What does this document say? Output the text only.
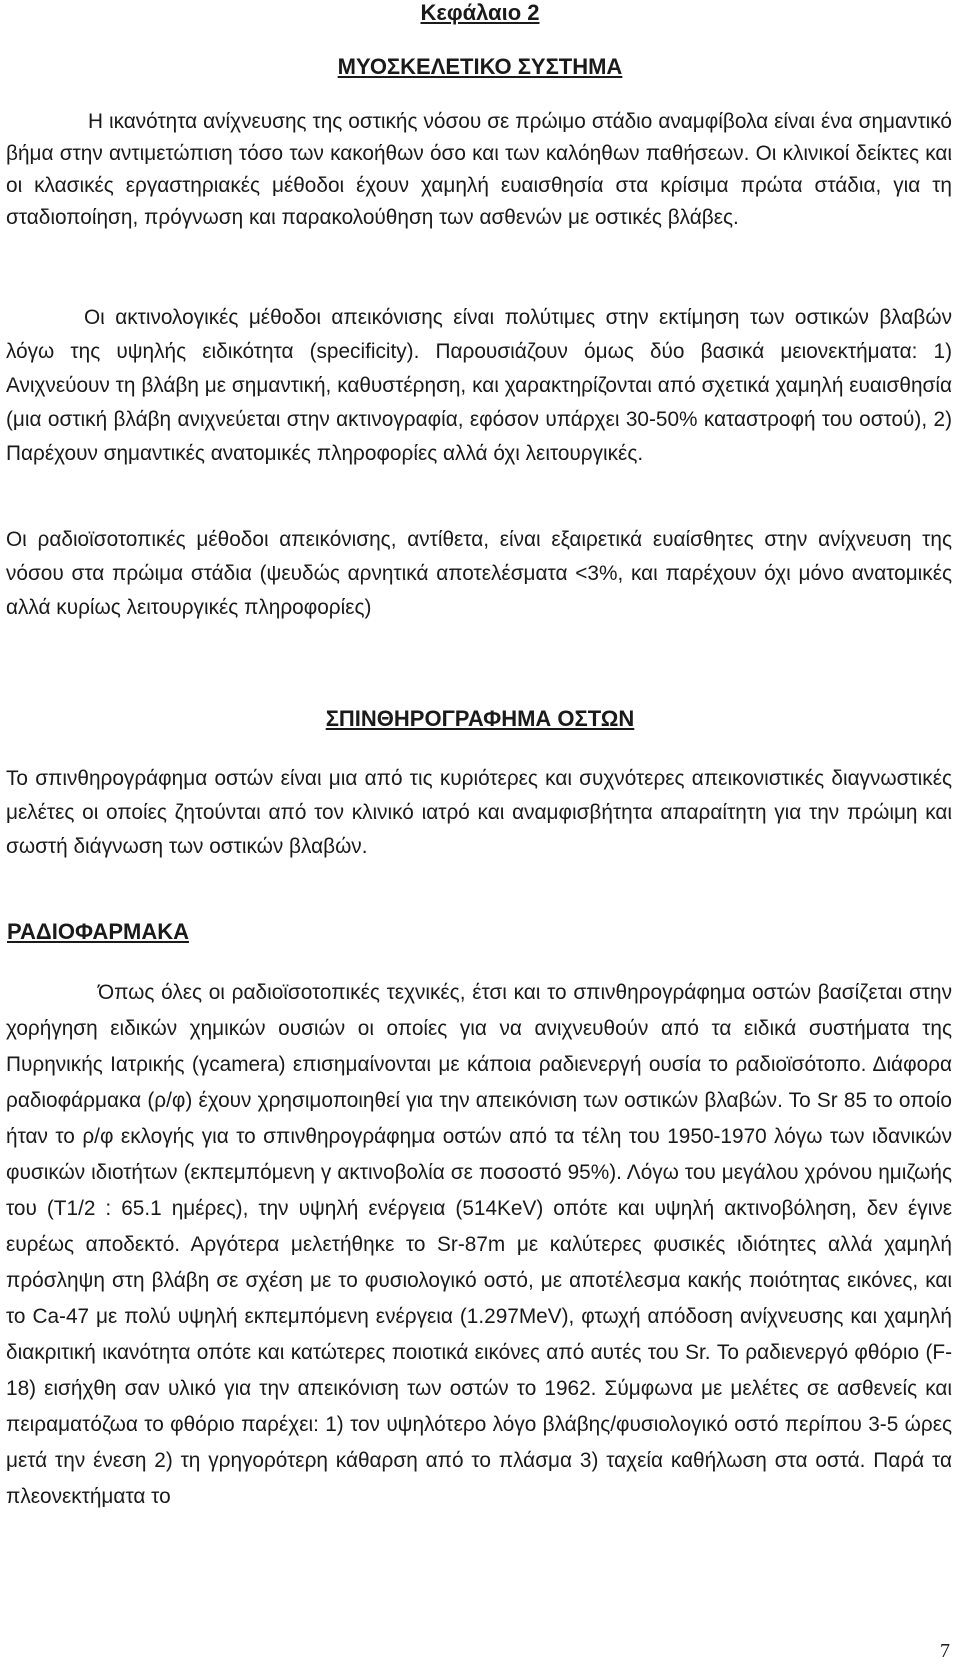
Κεφάλαιο 2
ΜΥΟΣΚΕΛΕΤΙΚΟ ΣΥΣΤΗΜΑ

Η ικανότητα ανίχνευσης της οστικής νόσου σε πρώιμο στάδιο αναμφίβολα είναι ένα σημαντικό βήμα στην αντιμετώπιση τόσο των κακοήθων όσο και των καλόηθων παθήσεων. Οι κλινικοί δείκτες και οι κλασικές εργαστηριακές μέθοδοι έχουν χαμηλή ευαισθησία στα κρίσιμα πρώτα στάδια, για τη σταδιοποίηση, πρόγνωση και παρακολούθηση των ασθενών με οστικές βλάβες.

Οι ακτινολογικές μέθοδοι απεικόνισης είναι πολύτιμες στην εκτίμηση των οστικών βλαβών λόγω της υψηλής ειδικότητα (specificity). Παρουσιάζουν όμως δύο βασικά μειονεκτήματα: 1) Ανιχνεύουν τη βλάβη με σημαντική, καθυστέρηση, και χαρακτηρίζονται από σχετικά χαμηλή ευαισθησία (μια οστική βλάβη ανιχνεύεται στην ακτινογραφία, εφόσον υπάρχει 30-50% καταστροφή του οστού), 2) Παρέχουν σημαντικές ανατομικές πληροφορίες αλλά όχι λειτουργικές.

Οι ραδιοϊσοτοπικές μέθοδοι απεικόνισης, αντίθετα, είναι εξαιρετικά ευαίσθητες στην ανίχνευση της νόσου στα πρώιμα στάδια (ψευδώς αρνητικά αποτελέσματα <3%, και παρέχουν όχι μόνο ανατομικές αλλά κυρίως λειτουργικές πληροφορίες)

ΣΠΙΝΘΗΡΟΓΡΑΦΗΜΑ ΟΣΤΩΝ

Το σπινθηρογράφημα οστών είναι μια από τις κυριότερες και συχνότερες απεικονιστικές διαγνωστικές μελέτες οι οποίες ζητούνται από τον κλινικό ιατρό και αναμφισβήτητα απαραίτητη για την πρώιμη και σωστή διάγνωση των οστικών βλαβών.

ΡΑΔΙΟΦΑΡΜΑΚΑ

Όπως όλες οι ραδιοϊσοτοπικές τεχνικές, έτσι και το σπινθηρογράφημα οστών βασίζεται στην χορήγηση ειδικών χημικών ουσιών οι οποίες για να ανιχνευθούν από τα ειδικά συστήματα της Πυρηνικής Ιατρικής (γcamera) επισημαίνονται με κάποια ραδιενεργή ουσία το ραδιοϊσότοπο. Διάφορα ραδιοφάρμακα (ρ/φ) έχουν χρησιμοποιηθεί για την απεικόνιση των οστικών βλαβών. Το Sr 85 το οποίο ήταν το ρ/φ εκλογής για το σπινθηρογράφημα οστών από τα τέλη του 1950-1970 λόγω των ιδανικών φυσικών ιδιοτήτων (εκπεμπόμενη γ ακτινοβολία σε ποσοστό 95%). Λόγω του μεγάλου χρόνου ημιζωής του (Τ1/2 : 65.1 ημέρες), την υψηλή ενέργεια (514KeV) οπότε και υψηλή ακτινοβόληση, δεν έγινε ευρέως αποδεκτό. Αργότερα μελετήθηκε το Sr-87m με καλύτερες φυσικές ιδιότητες αλλά χαμηλή πρόσληψη στη βλάβη σε σχέση με το φυσιολογικό οστό, με αποτέλεσμα κακής ποιότητας εικόνες, και το Ca-47 με πολύ υψηλή εκπεμπόμενη ενέργεια (1.297MeV), φτωχή απόδοση ανίχνευσης και χαμηλή διακριτική ικανότητα οπότε και κατώτερες ποιοτικά εικόνες από αυτές του Sr. Το ραδιενεργό φθόριο (F-18) εισήχθη σαν υλικό για την απεικόνιση των οστών το 1962. Σύμφωνα με μελέτες σε ασθενείς και πειραματόζωα το φθόριο παρέχει: 1) τον υψηλότερο λόγο βλάβης/φυσιολογικό οστό περίπου 3-5 ώρες μετά την ένεση 2) τη γρηγορότερη κάθαρση από το πλάσμα 3) ταχεία καθήλωση στα οστά. Παρά τα πλεονεκτήματα το

7
